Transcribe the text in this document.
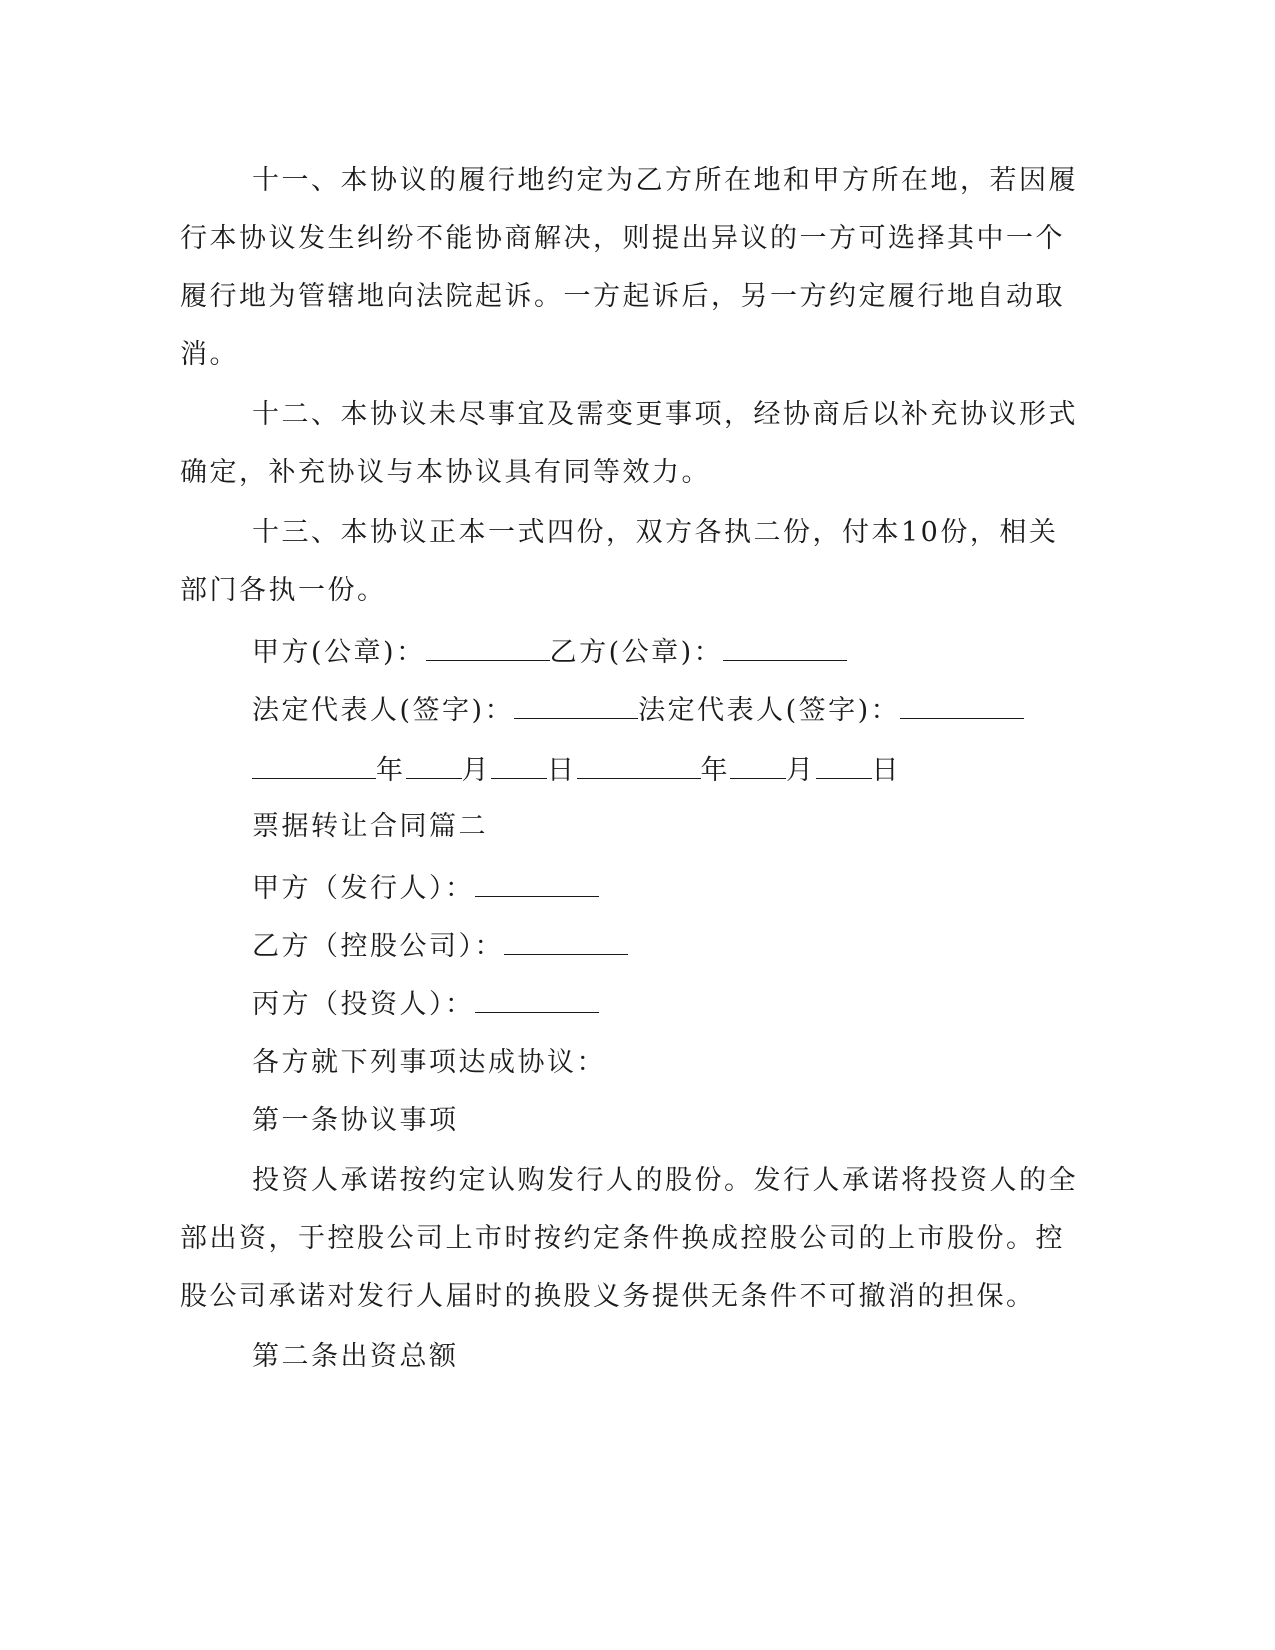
十一、本协议的履行地约定为乙方所在地和甲方所在地，若因履
行本协议发生纠纷不能协商解决，则提出异议的一方可选择其中一个
履行地为管辖地向法院起诉。一方起诉后，另一方约定履行地自动取
消。
十二、本协议未尽事宜及需变更事项，经协商后以补充协议形式
确定，补充协议与本协议具有同等效力。
十三、本协议正本一式四份，双方各执二份，付本10份，相关
部门各执一份。
甲方(公章)：	乙方(公章)：
法定代表人(签字)：	法定代表人(签字)：
年 月 日	年 月 日
票据转让合同篇二
甲方（发行人）：
乙方（控股公司）：
丙方（投资人）：
各方就下列事项达成协议：
第一条协议事项
投资人承诺按约定认购发行人的股份。发行人承诺将投资人的全
部出资，于控股公司上市时按约定条件换成控股公司的上市股份。控
股公司承诺对发行人届时的换股义务提供无条件不可撤消的担保。
第二条出资总额
